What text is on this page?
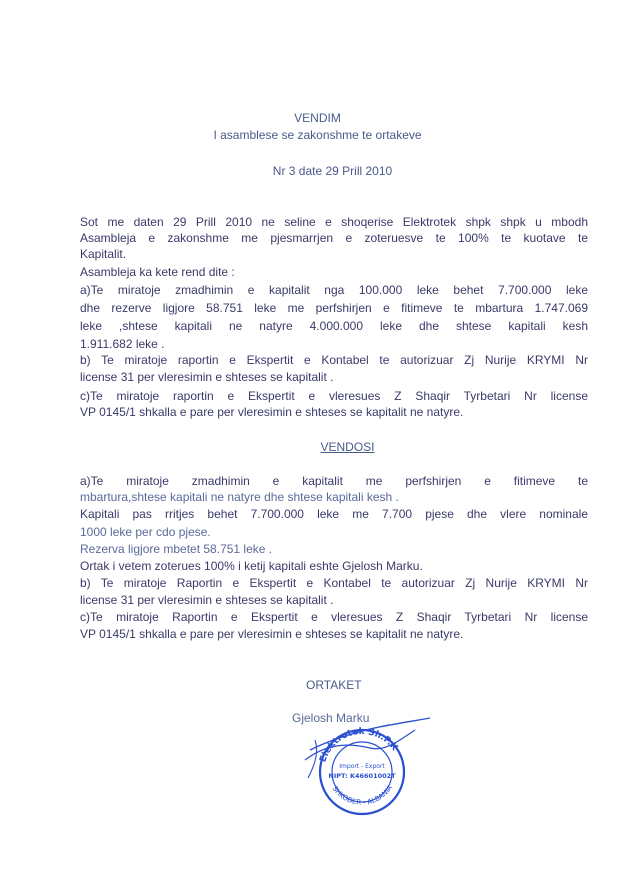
VENDIM
I asamblese se zakonshme te ortakeve
Nr 3 date 29 Prill 2010
Sot me daten 29 Prill 2010 ne seline e shoqerise Elektrotek shpk shpk u mbodh
Asambleja e zakonshme me pjesmarrjen e zoteruesve te 100% te kuotave te
Kapitalit.
Asambleja ka kete rend dite :
a)Te miratoje zmadhimin e kapitalit nga 100.000 leke behet 7.700.000 leke
dhe rezerve ligjore 58.751 leke me perfshirjen e fitimeve te mbartura 1.747.069
leke ,shtese kapitali ne natyre 4.000.000 leke dhe shtese kapitali kesh
1.911.682 leke .
b) Te miratoje raportin e Ekspertit e Kontabel te autorizuar Zj Nurije KRYMI Nr
license 31 per vleresimin e shteses se kapitalit .
c)Te miratoje raportin e Ekspertit e vleresues Z Shaqir Tyrbetari Nr license
VP 0145/1 shkalla e pare per vleresimin e shteses se kapitalit ne natyre.
VENDOSI
a)Te miratoje zmadhimin e kapitalit me perfshirjen e fitimeve te
mbartura,shtese kapitali ne natyre dhe shtese kapitali kesh .
Kapitali pas rritjes behet 7.700.000 leke me 7.700 pjese dhe vlere nominale
1000 leke per cdo pjese.
Rezerva ligjore mbetet 58.751 leke .
Ortak i vetem zoterues 100% i ketij kapitali eshte Gjelosh Marku.
b) Te miratoje Raportin e Ekspertit e Kontabel te autorizuar Zj Nurije KRYMI Nr
license 31 per vleresimin e shteses se kapitalit .
c)Te miratoje Raportin e Ekspertit e vleresues Z Shaqir Tyrbetari Nr license
VP 0145/1 shkalla e pare per vleresimin e shteses se kapitalit ne natyre.
ORTAKET
Gjelosh Marku
Elektrotek Sh.P.K
SHKODER - ALBANIA
Import - Export
NIPT: K46601002T
